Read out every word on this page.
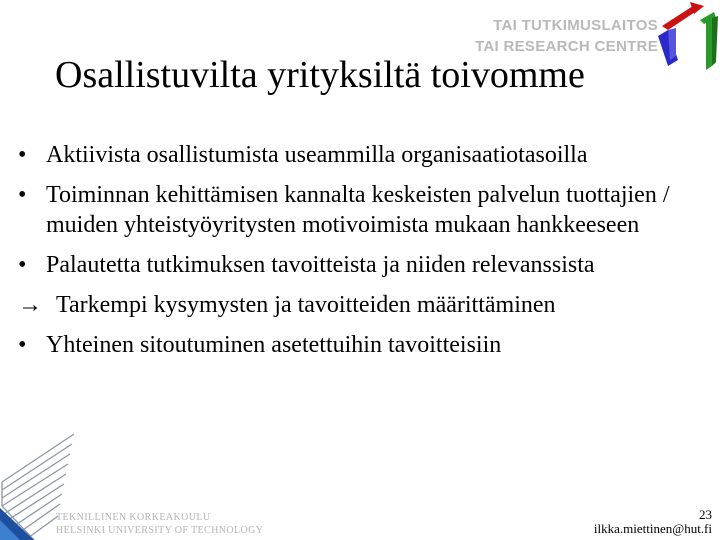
TAI TUTKIMUSLAITOS
TAI RESEARCH CENTRE
Osallistuvilta yrityksiltä toivomme
• Aktiivista osallistumista useammilla organisaatiotasoilla
• Toiminnan kehittämisen kannalta keskeisten palvelun tuottajien / muiden yhteistyöyritysten motivoimista mukaan hankkeeseen
• Palautetta tutkimuksen tavoitteista ja niiden relevanssista
→ Tarkempi kysymysten ja tavoitteiden määrittäminen
• Yhteinen sitoutuminen asetettuihin tavoitteisiin
TEKNILLINEN KORKEAKOULU
HELSINKI UNIVERSITY OF TECHNOLOGY
23
ilkka.miettinen@hut.fi
